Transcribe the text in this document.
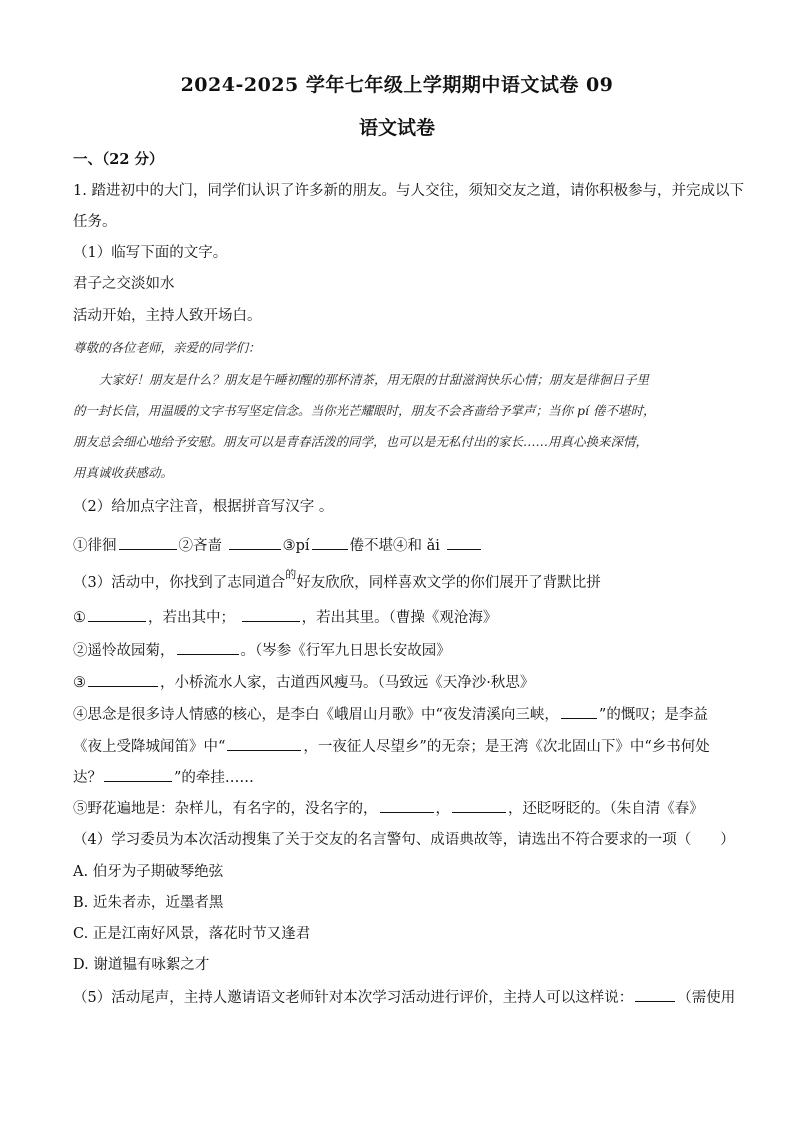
2024-2025 学年七年级上学期期中语文试卷 09
语文试卷
一、（22 分）
1. 踏进初中的大门，同学们认识了许多新的朋友。与人交往，须知交友之道，请你积极参与，并完成以下
任务。
（1）临写下面的文字。
君子之交淡如水
活动开始，主持人致开场白。
尊敬的各位老师，亲爱的同学们：
大家好！朋友是什么？朋友是午睡初醒的那杯清茶，用无限的甘甜滋润快乐心情；朋友是徘徊日子里
的一封长信，用温暖的文字书写坚定信念。当你光芒耀眼时，朋友不会吝啬给予掌声；当你 pí 倦不堪时，
朋友总会细心地给予安慰。朋友可以是青春活泼的同学，也可以是无私付出的家长……用真心换来深情，
用真诚收获感动。
（2）给加点字注音，根据拼音写汉字 。
①徘徊	②吝啬	③pí	倦不堪④和 ǎi
（3）活动中，你找到了志同道合$^的$好友欣欣，同样喜欢文学的你们展开了背默比拼
①	，若出其中；	，若出其里。（曹操《观沧海》
②遥怜故园菊，	。（岑参《行军九日思长安故园》
③	，小桥流水人家，古道西风瘦马。（马致远《天净沙·秋思》
④思念是很多诗人情感的核心，是李白《峨眉山月歌》中“夜发清溪向三峡，	”的慨叹；是李益
《夜上受降城闻笛》中“	，一夜征人尽望乡”的无奈；是王湾《次北固山下》中“乡书何处
达？	”的牵挂……
⑤野花遍地是：杂样儿，有名字的，没名字的，	，	，还眨呀眨的。（朱自清《春》
（4）学习委员为本次活动搜集了关于交友的名言警句、成语典故等，请选出不符合要求的一项（　　）
A. 伯牙为子期破琴绝弦
B. 近朱者赤，近墨者黑
C. 正是江南好风景，落花时节又逢君
D. 谢道韫有咏絮之才
（5）活动尾声，主持人邀请语文老师针对本次学习活动进行评价，主持人可以这样说：	（需使用
